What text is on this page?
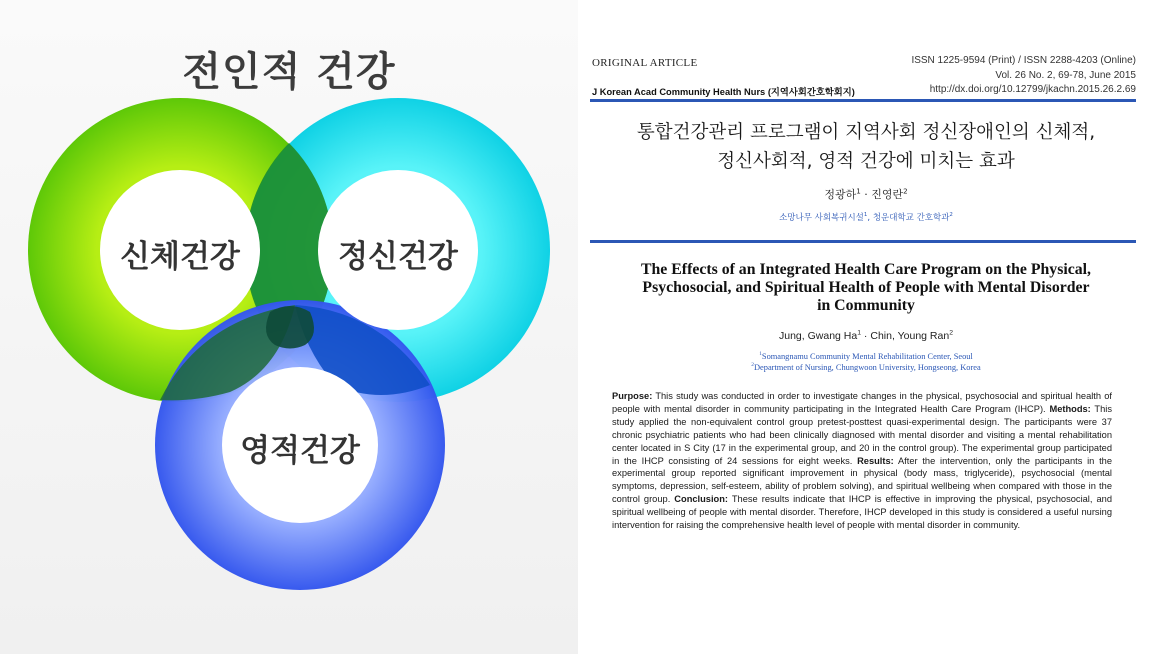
전인적 건강
신체건강	정신건강
영적건강
ORIGINAL ARTICLE
J Korean Acad Community Health Nurs (지역사회간호학회지)
ISSN 1225-9594 (Print) / ISSN 2288-4203 (Online)
Vol. 26 No. 2, 69-78, June 2015
http://dx.doi.org/10.12799/jkachn.2015.26.2.69
통합건강관리 프로그램이 지역사회 정신장애인의 신체적,
정신사회적, 영적 건강에 미치는 효과
정광하$^1$ · 진영란$^2$
소망나무 사회복귀시설$^1$, 청운대학교 간호학과$^2$
The Effects of an Integrated Health Care Program on the Physical,
Psychosocial, and Spiritual Health of People with Mental Disorder
in Community
Jung, Gwang $Ha^1$ · Chin, Young Ran$^2$
$^1$Somangnamu Community Mental Rehabilitation Center, Seoul
$^2$Department of Nursing, Chungwoon University, Hongseong, Korea
Purpose: This study was conducted in order to investigate changes in the physical, psychosocial and spiritual health of people with mental disorder in community participating in the Integrated Health Care Program (IHCP). Methods: This study applied the non-equivalent control group pretest-posttest quasi-experimental design. The participants were 37 chronic psychiatric patients who had been clinically diagnosed with mental disorder and visiting a mental rehabilitation center located in S City (17 in the experimental group, and 20 in the control group). The experimental group participated in the IHCP consisting of 24 sessions for eight weeks. Results: After the intervention, only the participants in the experimental group reported significant improvement in physical (body mass, triglyceride), psychosocial (mental symptoms, depression, self-esteem, ability of problem solving), and spiritual wellbeing when compared with those in the control group. Conclusion: These results indicate that IHCP is effective in improving the physical, psychosocial, and spiritual wellbeing of people with mental disorder. Therefore, IHCP developed in this study is considered a useful nursing intervention for raising the comprehensive health level of people with mental disorder in community.
